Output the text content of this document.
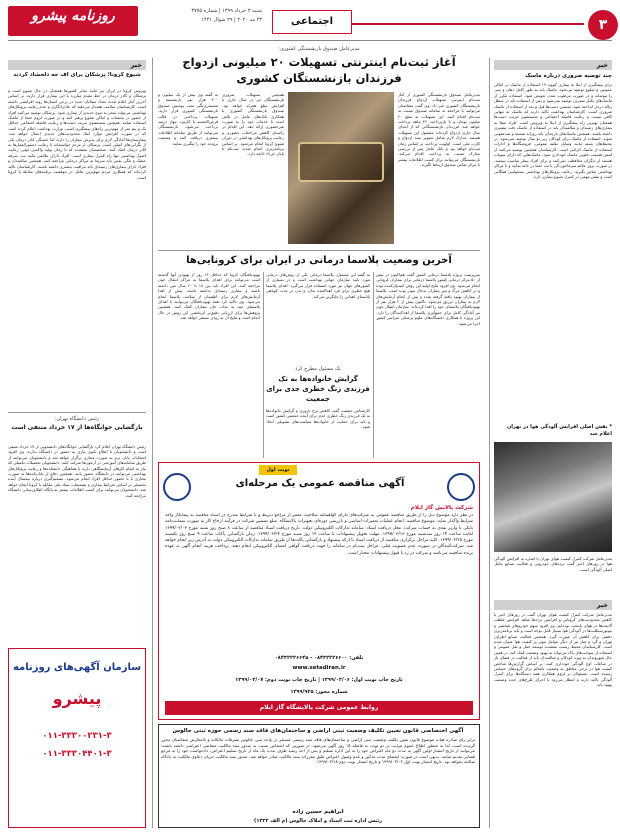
٣
اجتماعی
روزنامه پیشرو	شنبه ۳ خرداد ۱۳۹۹ | شماره ۴۷۷۵
۲۳ مه ۲۰۲۰ | ۲۹ شوال ۱۴۴۱
خبر
چند توصیه ضروری درباره ماسک
برای پیشگیری از ابتلا به بیماری کووید ۱۹ استفاده از ماسک در اماکن عمومی و شلوغ توصیه می‌شود. ماسک باید به طور کامل دهان و بینی را بپوشاند و در صورت مرطوب شدن تعویض شود. استفاده مکرر از ماسک‌های یکبار مصرف توصیه نمی‌شود و پس از استفاده باید در سطل زباله دردار انداخته شود. شستن دست‌ها قبل و بعد از استفاده از ماسک ضروری است. کارشناسان بهداشت تاکید دارند که ماسک به تنهایی کافی نیست و رعایت فاصله اجتماعی و شستشوی مرتب دست‌ها همچنان بهترین راه پیشگیری از ابتلا به ویروس است. افراد مبتلا به بیماری‌های زمینه‌ای و سالمندان باید در استفاده از ماسک دقت بیشتری داشته باشند. همچنین ماسک‌های پارچه‌ای باید روزانه شسته و ضدعفونی شوند. استفاده از ماسک برای کودکان زیر دو سال توصیه نمی‌شود. در محیط‌های بسته مانند وسایل نقلیه عمومی، فروشگاه‌ها و ادارات استفاده از ماسک الزامی است. کارشناسان همچنین توصیه می‌کنند از لمس قسمت جلویی ماسک خودداری شود. ماسک‌هایی که دارای سوپاپ هستند از دیگران محافظت نمی‌کنند و برای افراد بیمار مناسب نیستند. در صورت بروز علائم سرماخوردگی یا تب حتما در خانه بمانید و با مراکز بهداشتی تماس بگیرید. رعایت پروتکل‌های بهداشتی مسئولیتی همگانی است و نقش مهمی در کنترل شیوع بیماری دارد.
* نقش اصلی افزایش آلودگی هوا در تهران اعلام شد
مدیرعامل شرکت کنترل کیفیت هوای تهران با اشاره به افزایش آلودگی هوا در روزهای اخیر گفت ترددهای خودرویی و فعالیت صنایع عامل اصلی آلودگی است.
خبر
مدیرعامل شرکت کنترل کیفیت هوای تهران گفت در روزهای اخیر با کاهش محدودیت‌های کرونایی و افزایش ترددها شاهد افزایش غلظت آلاینده‌ها در هوای پایتخت بوده‌ایم. وی افزود سهم خودروهای شخصی و موتورسیکلت‌ها در آلودگی هوا بسیار قابل توجه است و باید برنامه‌ریزی دقیقی برای کاهش آن صورت گیرد. همچنین فعالیت صنایع اطراف تهران و گرد و غبار نیز از دیگر عوامل موثر بر کیفیت هوا عنوان شده است. کارشناسان محیط زیست معتقدند توسعه حمل و نقل عمومی و استفاده از سوخت‌های پاک می‌تواند به بهبود وضعیت کمک کند. در همین حال شهروندان به ویژه کودکان و سالمندان باید از فعالیت در فضای باز در ساعات اوج آلودگی خودداری کنند. بر اساس گزارش‌ها شاخص کیفیت هوا در برخی مناطق به وضعیت ناسالم برای گروه‌های حساس رسیده است. مسئولان بر لزوم همکاری همه دستگاه‌ها برای کنترل آلودگی تاکید دارند و انتظار می‌رود با اجرای طرح‌های جدید وضعیت بهبود یابد.
مدیرعامل صندوق بازنشستگی کشوری:
آغاز ثبت‌نام اینترنتی تسهیلات ۲۰ میلیونی ازدواج فرزندان بازنشستگان کشوری
مدیرعامل صندوق بازنشستگی کشوری از آغاز ثبت‌نام اینترنتی تسهیلات ازدواج فرزندان بازنشستگان کشوری خبر داد. وی گفت متقاضیان می‌توانند با مراجعه به سامانه صندوق نسبت به ثبت‌نام اقدام کنند. این تسهیلات به مبلغ ۲۰ میلیون تومان و با بازپرداخت ۳۶ ماهه پرداخت خواهد شد. فرزندان بازنشستگانی که از ابتدای سال جاری ازدواج کرده‌اند مشمول این تسهیلات هستند. مدارک لازم شامل تصویر سند ازدواج و کارت ملی است. اولویت پرداخت بر اساس زمان ثبت‌نام خواهد بود و بانک عامل پس از بررسی مدارک نسبت به پرداخت اقدام می‌کند. بازنشستگان می‌توانند برای کسب اطلاعات بیشتر با مرکز تماس صندوق ارتباط بگیرند.
همچنین تسهیلات ضروری بازنشستگان نیز در سال جاری با افزایش مبلغ همراه خواهد بود. صندوق بازنشستگی کشوری با همکاری بانک‌های عامل در تلاش است تا خدمات خود را به صورت غیرحضوری ارائه دهد. این اقدام در راستای کاهش مراجعات حضوری و رعایت پروتکل‌های بهداشتی در دوران شیوع کرونا انجام می‌شود. بر اساس برنامه‌ریزی انجام شده، ثبت‌نام تا پایان خرداد ادامه دارد.
به گفته وی بیش از یک میلیون و ۴۰۰ هزار نفر بازنشسته و مستمری‌بگیر تحت پوشش صندوق بازنشستگی کشوری قرار دارند. تسهیلات پرداختی در قالب قرض‌الحسنه با کارمزد چهار درصد پرداخت می‌شود. بازنشستگان می‌توانند از طریق سامانه اطلاعات بیشتری دریافت کنند و وضعیت پرونده خود را پیگیری نمایند.
آخرین وضعیت پلاسما درمانی در ایران برای کرونایی‌ها
سرپرست پروژه پلاسما درمانی کشور گفت هم‌اکنون در بیش از ۵۰ مرکز درمانی کشور پلاسما درمانی برای بیماران کرونایی انجام می‌شود. وی افزود نتایج اولیه این روش امیدوارکننده بوده و در کاهش مرگ و میر بیماران بدحال موثر بوده است. پلاسما از بیماران بهبود یافته گرفته شده و پس از انجام آزمایش‌های لازم به بیماران تزریق می‌شود. تاکنون بیش از ۲ هزار نفر از بهبودیافتگان پلاسمای خود را اهدا کرده‌اند. سازمان انتقال خون نیز آمادگی کامل برای جمع‌آوری پلاسما از اهداکنندگان را دارد. این پروژه با همکاری دانشگاه‌های علوم پزشکی سراسر کشور اجرا می‌شود.
به گفته این مسئول، پلاسما درمانی یکی از روش‌های درمانی مورد تایید سازمان جهانی بهداشت است و در بسیاری از کشورهای جهان نیز مورد استفاده قرار می‌گیرد. اهدای پلاسما هیچ خطری برای فرد اهداکننده ندارد و بدن در مدت کوتاهی پلاسمای اهدایی را جایگزین می‌کند.
بهبودیافتگان کرونا که حداقل ۱۴ روز از بهبودی آنها گذشته است می‌توانند برای اهدای پلاسما به مراکز انتقال خون مراجعه کنند. این افراد باید بین ۱۸ تا ۶۰ سال سن داشته باشند و بیماری زمینه‌ای نداشته باشند. پیش از اهدا آزمایش‌های لازم برای اطمینان از سلامت پلاسما انجام می‌شود. وی تاکید کرد همه بهبودیافتگان می‌توانند با اهدای پلاسمای خود به نجات جان بیماران کمک کنند. همچنین پژوهش‌ها برای ارزیابی دقیق‌تر اثربخشی این روش در حال انجام است و نتایج آن به زودی منتشر خواهد شد.
یک مسئول مطرح کرد
گرایش خانواده‌ها به تک فرزندی زنگ خطری جدی برای جمعیت
کارشناس جمعیت گفت کاهش نرخ باروری و گرایش خانواده‌ها به تک فرزندی زنگ خطری جدی برای آینده جمعیتی کشور است و باید برای حمایت از خانواده‌ها سیاست‌های تشویقی اتخاذ شود.
نوبت اول
آگهی مناقصه عمومی یک مرحله‌ای
شرکت پالایش گاز ایلام
در نظر دارد موضوع ذیل را از طریق مناقصه عمومی به شرکت‌های دارای گواهینامه صلاحیت معتبر از مراجع ذیربط و با شرایط مندرج در اسناد مناقصه به پیمانکار واجد شرایط واگذار نماید. موضوع مناقصه: انجام عملیات تعمیرات اساسی و بازرسی دوره‌ای تجهیزات پالایشگاه. مبلغ تضمین شرکت در فرآیند ارجاع کار به صورت ضمانت‌نامه بانکی یا واریز نقدی به حساب شرکت. محل دریافت اسناد: سامانه تدارکات الکترونیکی دولت. تاریخ دریافت اسناد مناقصه از ساعت ۸ صبح روز شنبه مورخ ۱۳۹۹/۰۳/۰۳ لغایت ساعت ۱۴ روز سه‌شنبه مورخ ۱۳۹۹/۰۳/۱۳. مهلت تحویل پیشنهادات تا ساعت ۱۴ روز شنبه مورخ ۱۳۹۹/۰۳/۲۴. زمان بازگشایی پاکات ساعت ۹ صبح روز یکشنبه مورخ ۱۳۹۹/۰۳/۲۵. کلیه مراحل برگزاری مناقصه از دریافت اسناد تا ارائه پیشنهاد و بازگشایی پاکت‌ها از طریق سامانه تدارکات الکترونیکی دولت به آدرس زیر انجام خواهد شد. شرکت‌کنندگان در صورت عدم عضویت قبلی، مراحل ثبت‌نام در سامانه را جهت دریافت گواهی امضای الکترونیکی انجام دهند. پرداخت هزینه انجام آگهی به عهده برنده مناقصه می‌باشد و شرکت در رد یا قبول پیشنهادات مختار است.
تلفن: ۰۸۴۳۲۲۲۶۶۰۰ - ۰۸۴۳۲۲۲۶۶۴۵
www.setadiran.ir
تاریخ چاپ نوبت اول: ۱۳۹۹/۰۳/۰۶ | تاریخ چاپ نوبت دوم: ۱۳۹۹/۰۳/۰۷
شماره مجوز: ۱۳۹۹/۹۲۵
روابط عمومی شرکت پالایشگاه گاز ایلام
آگهی اختصاصی قانون تعیین تکلیف وضعیت ثبتی اراضی و ساختمان‌های فاقد سند رسمی حوزه ثبتی جالوس
برابر رای صادره هیات موضوع قانون تعیین تکلیف وضعیت ثبتی اراضی و ساختمان‌های فاقد سند رسمی مستقر در واحد ثبتی جالوس تصرفات مالکانه و بلامعارض متقاضیان محرز گردیده است. لذا به منظور اطلاع عموم مراتب در دو نوبت به فاصله ۱۵ روز آگهی می‌شود. در صورتی که اشخاص نسبت به صدور سند مالکیت متقاضی اعتراضی داشته باشند، می‌توانند از تاریخ انتشار اولین آگهی به مدت دو ماه اعتراض خود را به این اداره تسلیم و پس از اخذ رسید ظرف مدت یک ماه از تاریخ تسلیم اعتراض، دادخواست خود را به مرجع قضایی تقدیم نمایند. بدیهی است در صورت انقضای مدت مذکور و عدم وصول اعتراض طبق مقررات سند مالکیت صادر خواهد شد. صدور سند مالکیت جریان دعاوی مالکیت به دادگاه صالحه نخواهد بود. تاریخ انتشار نوبت اول ۱۳۹۹/۰۳/۰۳ و تاریخ انتشار نوبت دوم ۱۳۹۹/۰۳/۱۸.
ابراهیم حسین زاده
رئیس اداره ثبت اسناد و املاک جالوس (م الف ۱۳۲۲)
خبر
شیوع کرونا؛ پزشکان برای اف جه دلخشاد کردند
ویروس کرونا در ایران نیز مانند سایر کشورها همچنان در حال شیوع است و پزشکان و کادر درمان در خط مقدم مبارزه با این بیماری قرار دارند. بر اساس آخرین آمار اعلام شده، تعداد مبتلایان جدید در برخی استان‌ها روند افزایشی داشته است. کارشناسان سلامت هشدار می‌دهند که عادی‌انگاری و عدم رعایت پروتکل‌های بهداشتی می‌تواند منجر به موج جدیدی از بیماری شود. پزشکان توصیه می‌کنند افراد از حضور در تجمعات و اماکن شلوغ پرهیز کنند و در صورت لزوم حتما از ماسک استفاده نمایند. همچنین شستشوی مرتب دست‌ها و رعایت فاصله اجتماعی حداقل یک و نیم متر از مهم‌ترین راه‌های پیشگیری است. وزارت بهداشت اعلام کرده است که در صورت افزایش موارد ابتلا، محدودیت‌های جدیدی اعمال خواهد شد. بیمارستان‌ها آمادگی لازم برای پذیرش بیماران را دارند اما خستگی کادر درمان یکی از نگرانی‌های اصلی است. پزشکان از مردم خواسته‌اند با رعایت دستورالعمل‌ها به کادر درمان کمک کنند. متخصصان معتقدند که تا زمان تولید واکسن مؤثر، رعایت اصول بهداشتی تنها راه کنترل بیماری است. افراد دارای علائمی مانند تب، سرفه خشک و تنگی نفس باید سریعا به مراکز درمانی مراجعه کنند. همچنین سالمندان و افراد دارای بیماری‌های زمینه‌ای باید مراقبت بیشتری داشته باشند. کارشناسان تاکید کرده‌اند که همکاری مردم مهم‌ترین عامل در موفقیت برنامه‌های مقابله با کرونا است.
رئیس دانشگاه تهران:
بازگشایی خوابگاه‌ها از ۱۷ خرداد منتفی است
رئیس دانشگاه تهران اعلام کرد بازگشایی خوابگاه‌های دانشجویی از ۱۷ خرداد منتفی است و دانشجویان تا اطلاع ثانوی نیازی به حضور در دانشگاه ندارند. وی افزود امتحانات پایان ترم به صورت مجازی برگزار خواهد شد و دانشجویان می‌توانند از طریق سامانه‌های آموزشی در آزمون‌ها شرکت کنند. دانشجویان تحصیلات تکمیلی که نیاز به انجام کارهای آزمایشگاهی دارند با هماهنگی دانشکده‌ها و رعایت پروتکل‌های بهداشتی می‌توانند در دانشگاه حضور یابند. همچنین دفاع از پایان‌نامه‌ها به صورت مجازی یا با حضور حداقل افراد انجام می‌شود. تصمیم‌گیری درباره نیمسال آینده تحصیلی بر اساس شرایط بیماری و تصمیمات ستاد ملی مقابله با کرونا انجام خواهد شد. دانشجویان می‌توانند برای کسب اطلاعات بیشتر به پایگاه اطلاع‌رسانی دانشگاه مراجعه کنند.
سازمان آگهی‌های روزنامه
پیشرو
۰۱۱-۳۳۳۰۰۲۳۱-۳
۰۱۱-۳۳۳۰۴۴۰۱-۳
